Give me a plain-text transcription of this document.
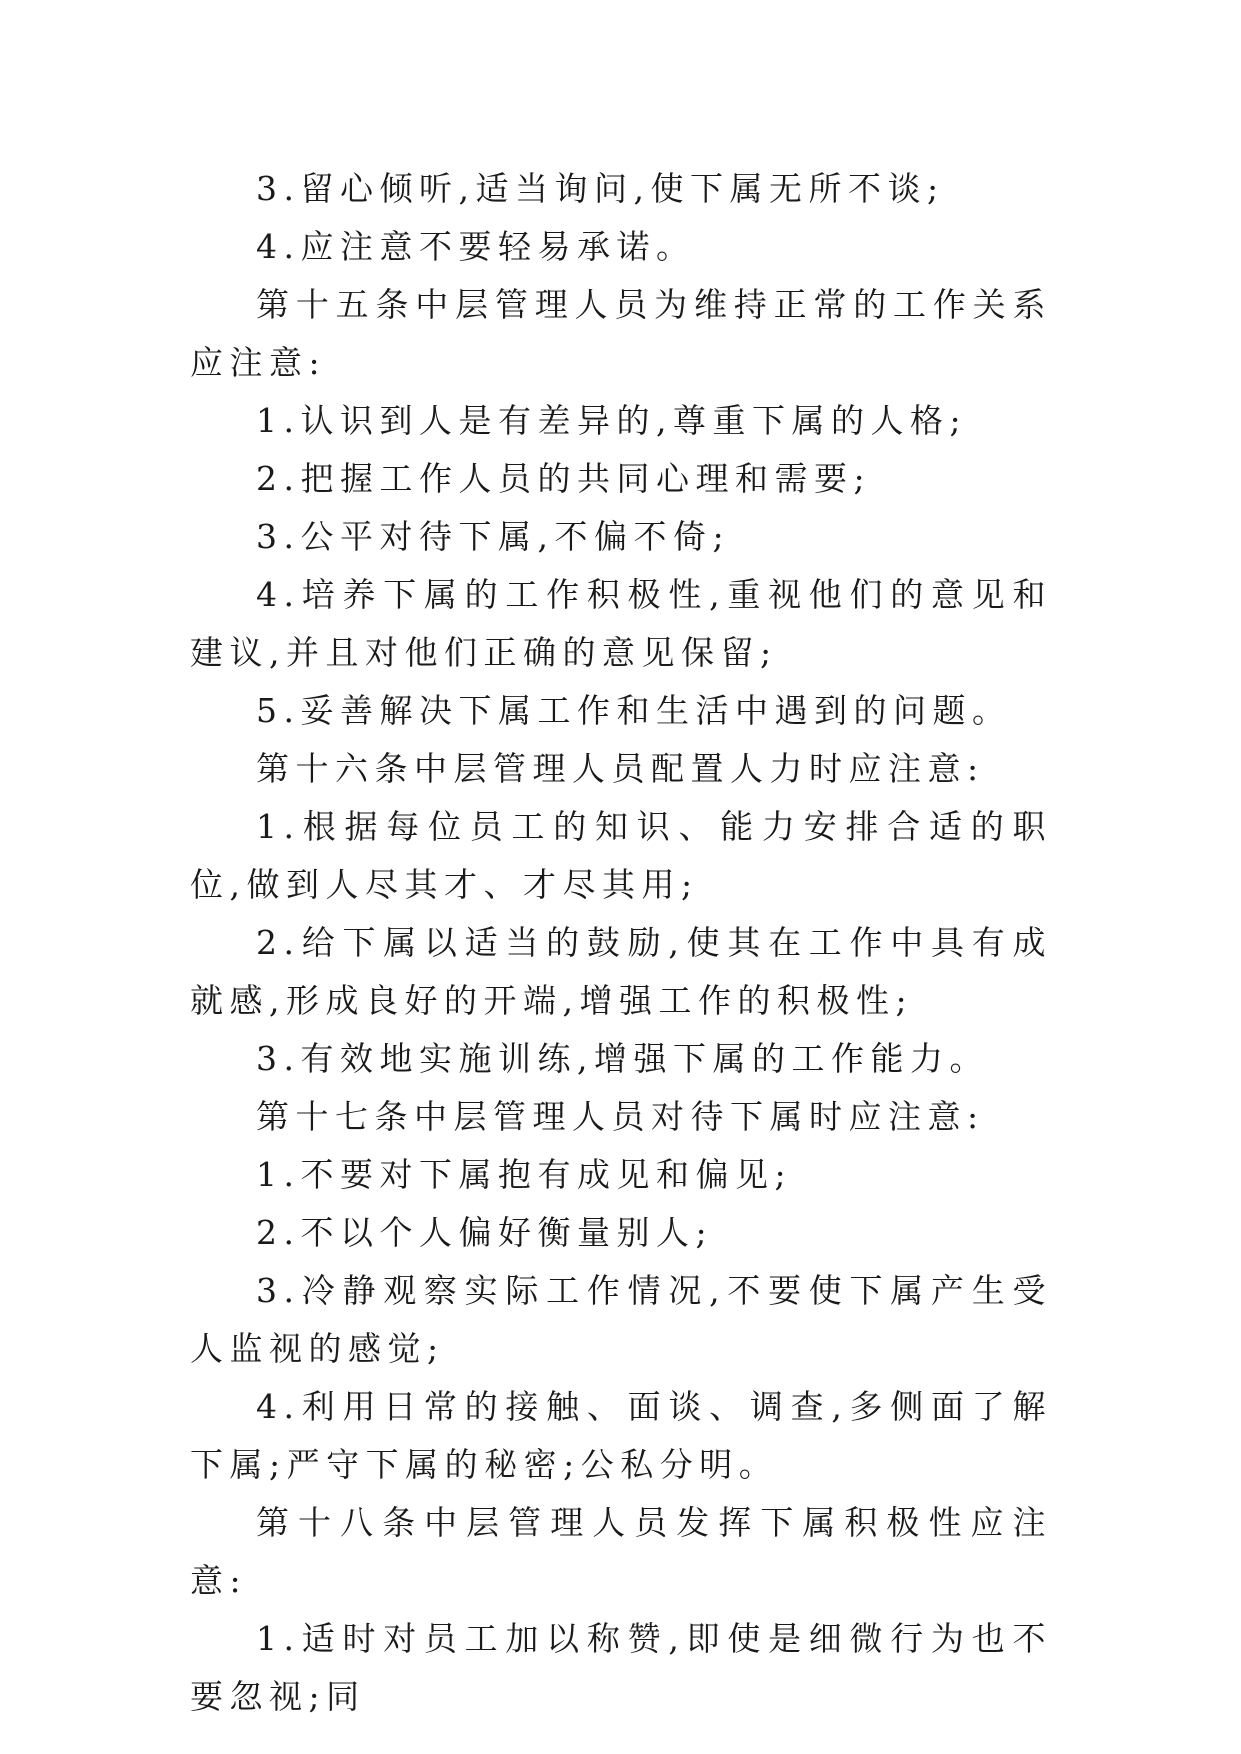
3.留心倾听,适当询问,使下属无所不谈;

4.应注意不要轻易承诺。

第十五条中层管理人员为维持正常的工作关系应注意:

1.认识到人是有差异的,尊重下属的人格;

2.把握工作人员的共同心理和需要;

3.公平对待下属,不偏不倚;

4.培养下属的工作积极性,重视他们的意见和建议,并且对他们正确的意见保留;

5.妥善解决下属工作和生活中遇到的问题。

第十六条中层管理人员配置人力时应注意:

1.根据每位员工的知识、能力安排合适的职位,做到人尽其才、才尽其用;

2.给下属以适当的鼓励,使其在工作中具有成就感,形成良好的开端,增强工作的积极性;

3.有效地实施训练,增强下属的工作能力。

第十七条中层管理人员对待下属时应注意:

1.不要对下属抱有成见和偏见;

2.不以个人偏好衡量别人;

3.冷静观察实际工作情况,不要使下属产生受人监视的感觉;

4.利用日常的接触、面谈、调查,多侧面了解下属;严守下属的秘密;公私分明。

第十八条中层管理人员发挥下属积极性应注意:

1.适时对员工加以称赞,即使是细微行为也不要忽视;同
